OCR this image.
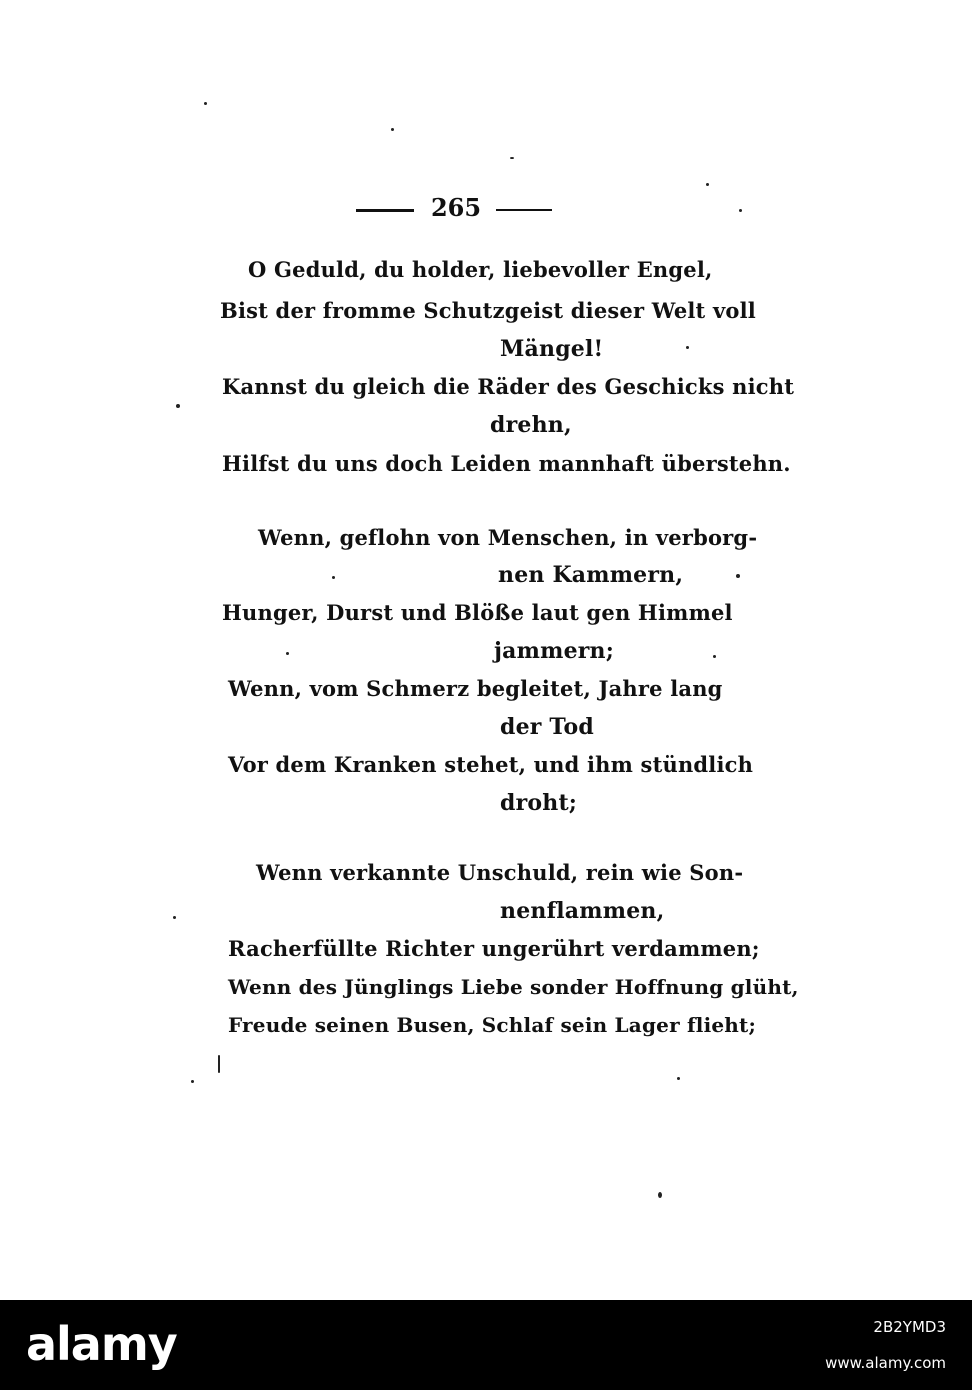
265
O Geduld, du holder, liebevoller Engel,
Bist der fromme Schutzgeist dieser Welt voll
Mängel!
Kannst du gleich die Räder des Geschicks nicht
drehn,
Hilfst du uns doch Leiden mannhaft überstehn.
Wenn, geflohn von Menschen, in verborg-
nen Kammern,
Hunger, Durst und Blöße laut gen Himmel
jammern;
Wenn, vom Schmerz begleitet, Jahre lang
der Tod
Vor dem Kranken stehet, und ihm stündlich
droht;
Wenn verkannte Unschuld, rein wie Son-
nenflammen,
Racherfüllte Richter ungerührt verdammen;
Wenn des Jünglings Liebe sonder Hoffnung glüht,
Freude seinen Busen, Schlaf sein Lager flieht;
alamy	2B2YMD3
www.alamy.com
